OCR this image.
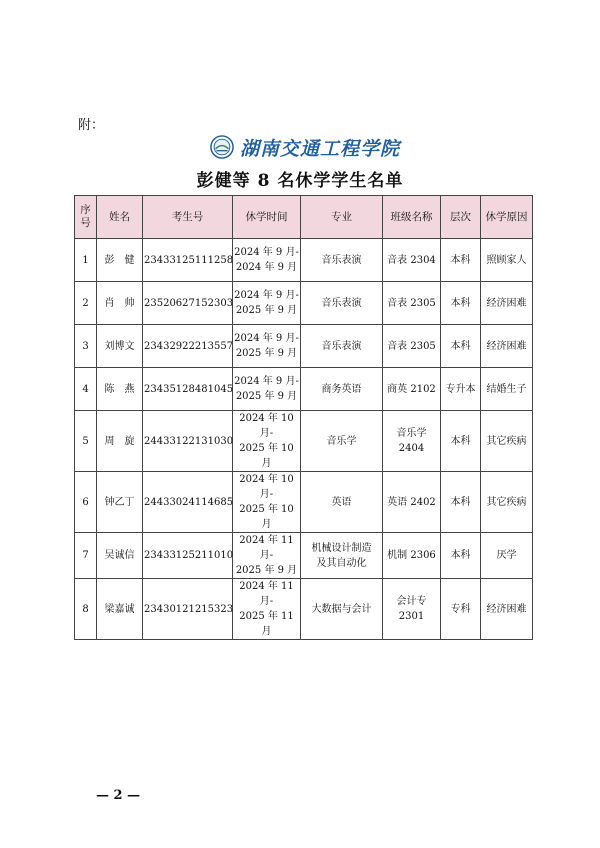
附：
湖南交通工程学院
彭健等 8 名休学学生名单
序
号	姓名	考生号	休学时间	专业	班级名称	层次	休学原因
1	彭　健	23433125111258	2024 年 9 月-
2024 年 9 月	音乐表演	音表 2304	本科	照顾家人
2	肖　帅	23520627152303	2024 年 9 月-
2025 年 9 月	音乐表演	音表 2305	本科	经济困难
3	刘博文	23432922213557	2024 年 9 月-
2025 年 9 月	音乐表演	音表 2305	本科	经济困难
4	陈　燕	23435128481045	2024 年 9 月-
2025 年 9 月	商务英语	商英 2102	专升本	结婚生子
5	周　旋	24433122131030	2024 年 10 月-
2025 年 10 月	音乐学	音乐学
2404	本科	其它疾病
6	钟乙丁	24433024114685	2024 年 10 月-
2025 年 10 月	英语	英语 2402	本科	其它疾病
7	吴诚信	23433125211010	2024 年 11 月-
2025 年 9 月	机械设计制造
及其自动化	机制 2306	本科	厌学
8	梁嘉诚	23430121215323	2024 年 11 月-
2025 年 11 月	大数据与会计	会计专
2301	专科	经济困难
— 2 —
